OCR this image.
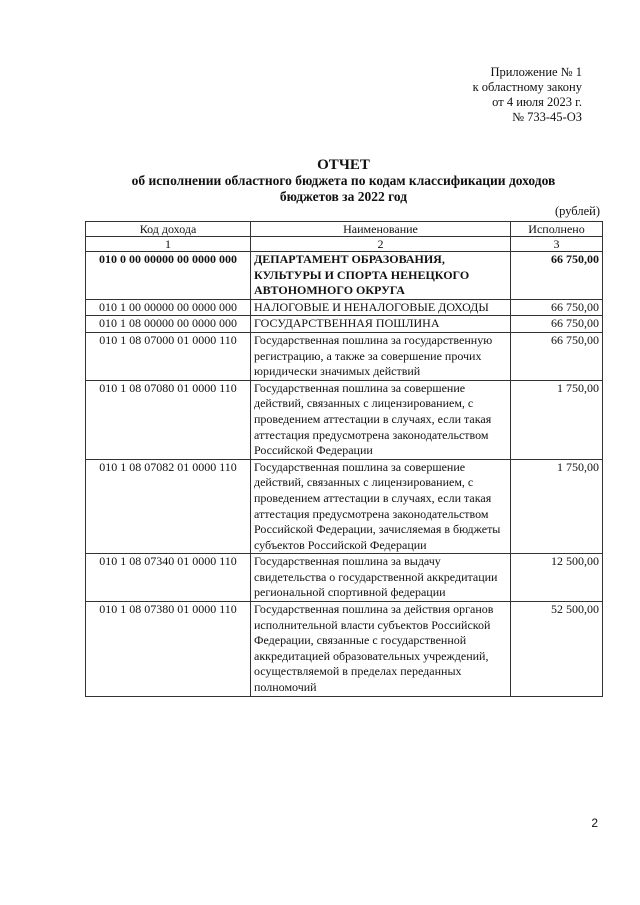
Приложение № 1
к областному закону
от 4 июля 2023 г.
№ 733-45-ОЗ
ОТЧЕТ
об исполнении областного бюджета по кодам классификации доходов
бюджетов за 2022 год
(рублей)
Код дохода	Наименование	Исполнено
1	2	3
010 0 00 00000 00 0000 000	ДЕПАРТАМЕНТ ОБРАЗОВАНИЯ, КУЛЬТУРЫ И СПОРТА НЕНЕЦКОГО АВТОНОМНОГО ОКРУГА	66 750,00
010 1 00 00000 00 0000 000	НАЛОГОВЫЕ И НЕНАЛОГОВЫЕ ДОХОДЫ	66 750,00
010 1 08 00000 00 0000 000	ГОСУДАРСТВЕННАЯ ПОШЛИНА	66 750,00
010 1 08 07000 01 0000 110	Государственная пошлина за государственную регистрацию, а также за совершение прочих юридически значимых действий	66 750,00
010 1 08 07080 01 0000 110	Государственная пошлина за совершение действий, связанных с лицензированием, с проведением аттестации в случаях, если такая аттестация предусмотрена законодательством Российской Федерации	1 750,00
010 1 08 07082 01 0000 110	Государственная пошлина за совершение действий, связанных с лицензированием, с проведением аттестации в случаях, если такая аттестация предусмотрена законодательством Российской Федерации, зачисляемая в бюджеты субъектов Российской Федерации	1 750,00
010 1 08 07340 01 0000 110	Государственная пошлина за выдачу свидетельства о государственной аккредитации региональной спортивной федерации	12 500,00
010 1 08 07380 01 0000 110	Государственная пошлина за действия органов исполнительной власти субъектов Российской Федерации, связанные с государственной аккредитацией образовательных учреждений, осуществляемой в пределах переданных полномочий	52 500,00
2
